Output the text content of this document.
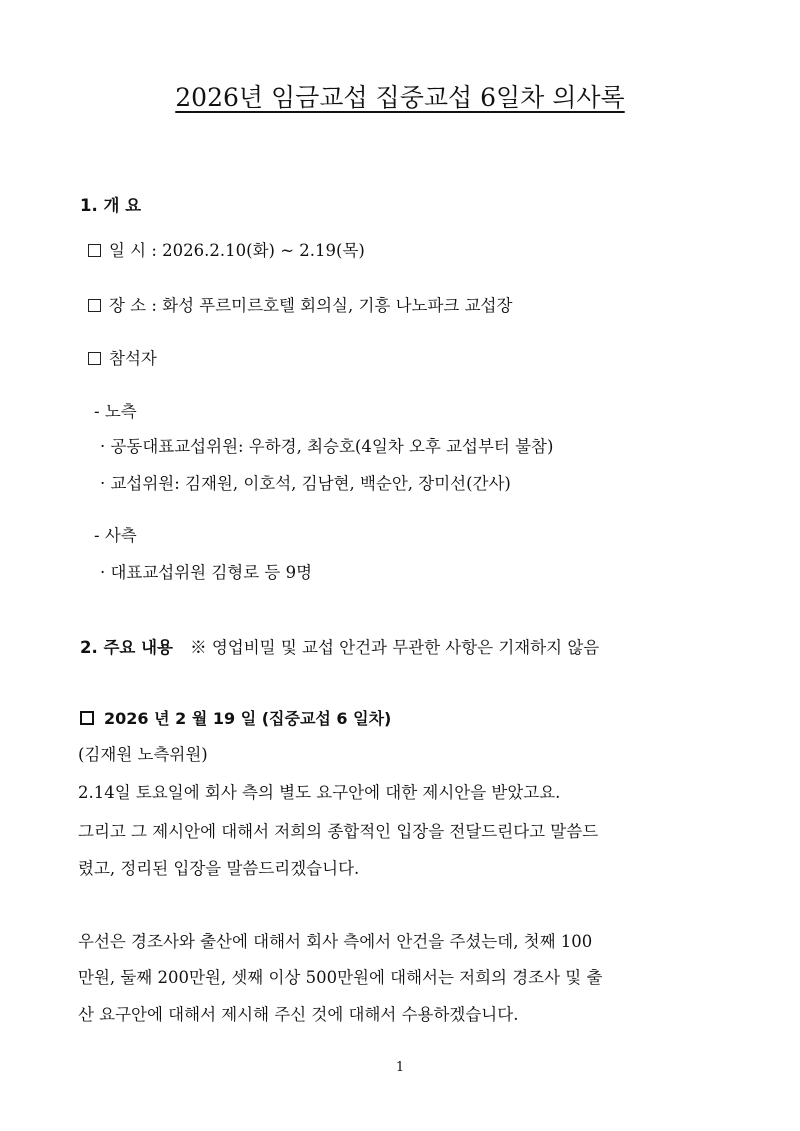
2026년 임금교섭 집중교섭 6일차 의사록
1. 개 요
일 시 : 2026.2.10(화) ~ 2.19(목)
장 소 : 화성 푸르미르호텔 회의실, 기흥 나노파크 교섭장
참석자
- 노측
· 공동대표교섭위원: 우하경, 최승호(4일차 오후 교섭부터 불참)
· 교섭위원: 김재원, 이호석, 김남현, 백순안, 장미선(간사)
- 사측
· 대표교섭위원 김형로 등 9명
2. 주요 내용 ※ 영업비밀 및 교섭 안건과 무관한 사항은 기재하지 않음
2026 년 2 월 19 일 (집중교섭 6 일차)
(김재원 노측위원)
2.14일 토요일에 회사 측의 별도 요구안에 대한 제시안을 받았고요.
그리고 그 제시안에 대해서 저희의 종합적인 입장을 전달드린다고 말씀드
렸고, 정리된 입장을 말씀드리겠습니다.
우선은 경조사와 출산에 대해서 회사 측에서 안건을 주셨는데, 첫째 100
만원, 둘째 200만원, 셋째 이상 500만원에 대해서는 저희의 경조사 및 출
산 요구안에 대해서 제시해 주신 것에 대해서 수용하겠습니다.
1
